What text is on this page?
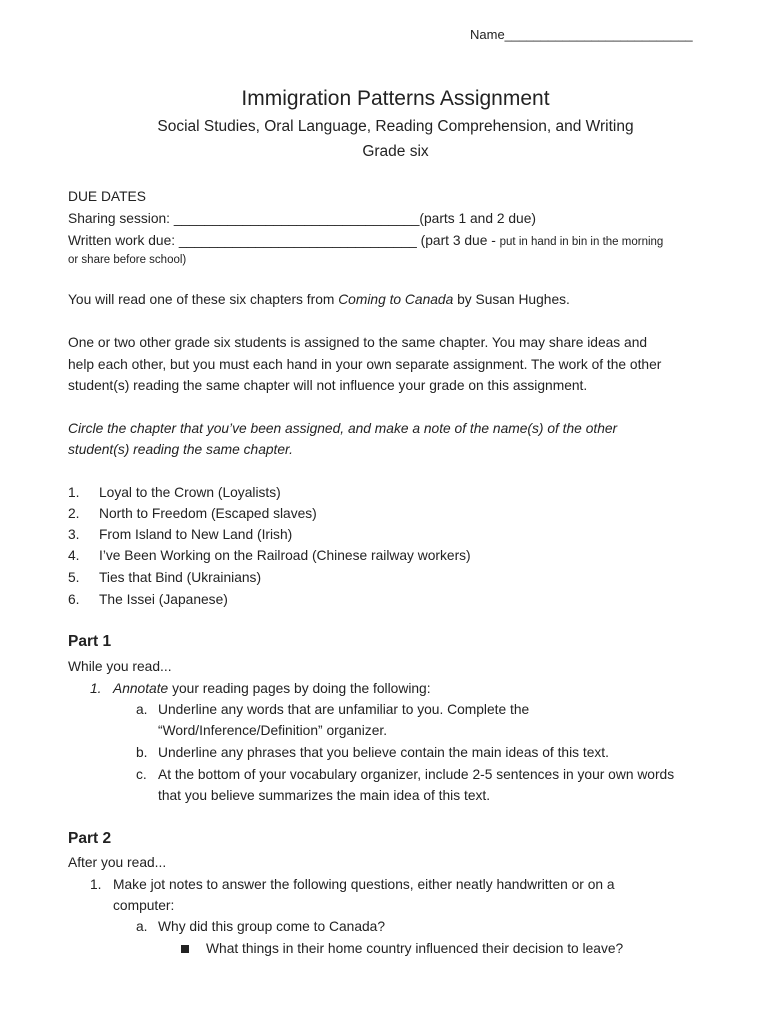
Name__________________________
Immigration Patterns Assignment
Social Studies, Oral Language, Reading Comprehension, and Writing
Grade six
DUE DATES
Sharing session: ________________________________(parts 1 and 2 due)
Written work due: _______________________________ (part 3 due - put in hand in bin in the morning
or share before school)
You will read one of these six chapters from Coming to Canada by Susan Hughes.
One or two other grade six students is assigned to the same chapter. You may share ideas and
help each other, but you must each hand in your own separate assignment. The work of the other
student(s) reading the same chapter will not influence your grade on this assignment.
Circle the chapter that you’ve been assigned, and make a note of the name(s) of the other
student(s) reading the same chapter.
1. Loyal to the Crown (Loyalists)
2. North to Freedom (Escaped slaves)
3. From Island to New Land (Irish)
4. I’ve Been Working on the Railroad (Chinese railway workers)
5. Ties that Bind (Ukrainians)
6. The Issei (Japanese)
Part 1
While you read...
1. Annotate your reading pages by doing the following:
a. Underline any words that are unfamiliar to you. Complete the
“Word/Inference/Definition” organizer.
b. Underline any phrases that you believe contain the main ideas of this text.
c. At the bottom of your vocabulary organizer, include 2-5 sentences in your own words
that you believe summarizes the main idea of this text.
Part 2
After you read...
1. Make jot notes to answer the following questions, either neatly handwritten or on a
computer:
a. Why did this group come to Canada?
What things in their home country influenced their decision to leave?
